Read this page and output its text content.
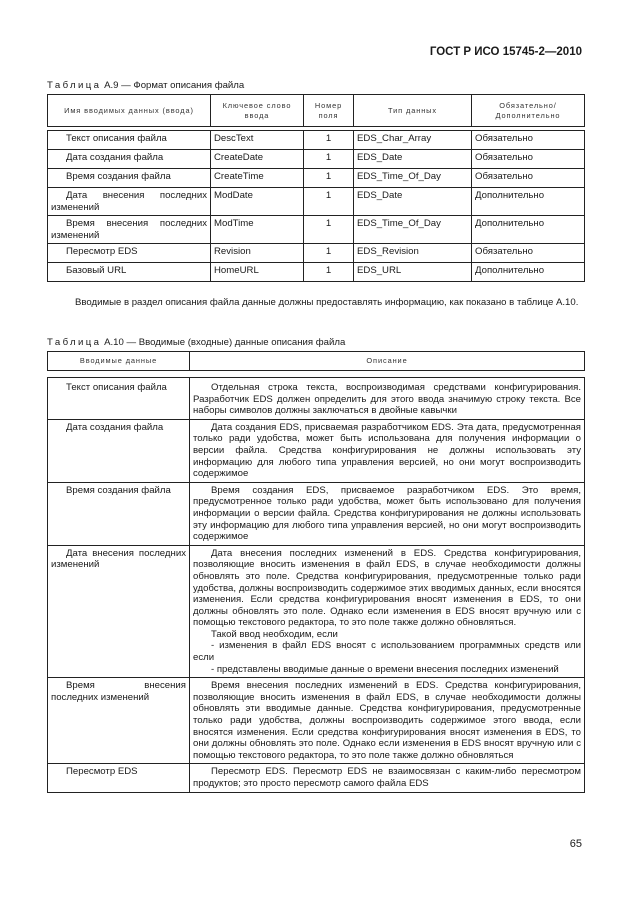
ГОСТ Р ИСО 15745-2—2010
Таблица A.9 — Формат описания файла
Имя вводимых данных (ввода)	Ключевое слово ввода	Номер поля	Тип данных	Обязательно/ Дополнительно

Текст описания файла	DescText	1	EDS_Char_Array	Обязательно
Дата создания файла	CreateDate	1	EDS_Date	Обязательно
Время создания файла	CreateTime	1	EDS_Time_Of_Day	Обязательно
Дата внесения последних изменений	ModDate	1	EDS_Date	Дополнительно
Время внесения последних изменений	ModTime	1	EDS_Time_Of_Day	Дополнительно
Пересмотр EDS	Revision	1	EDS_Revision	Обязательно
Базовый URL	HomeURL	1	EDS_URL	Дополнительно
Вводимые в раздел описания файла данные должны предоставлять информацию, как показано в таблице A.10.
Таблица A.10 — Вводимые (входные) данные описания файла
Вводимые данные	Описание

Текст описания файла	Отдельная строка текста, воспроизводимая средствами конфигурирования. Разработчик EDS должен определить для этого ввода значимую строку текста. Все наборы символов должны заключаться в двойные кавычки

Дата создания файла	Дата создания EDS, присваемая разработчиком EDS. Эта дата, предусмотренная только ради удобства, может быть использована для получения информации о версии файла. Средства конфигурирования не должны использовать эту информацию для любого типа управления версией, но они могут воспроизводить содержимое

Время создания файла	Время создания EDS, присваемое разработчиком EDS. Это время, предусмотренное только ради удобства, может быть использовано для получения информации о версии файла. Средства конфигурирования не должны использовать эту информацию для любого типа управления версией, но они могут воспроизводить содержимое

Дата внесения последних изменений	Дата внесения последних изменений в EDS. Средства конфигурирования, позволяющие вносить изменения в файл EDS, в случае необходимости должны обновлять это поле. Средства конфигурирования, предусмотренные только ради удобства, должны воспроизводить содержимое этих вводимых данных, если вносятся изменения. Если средства конфигурирования вносят изменения в EDS, то они должны обновлять это поле. Однако если изменения в EDS вносят вручную или с помощью текстового редактора, то это поле также должно обновляться.

Такой ввод необходим, если

- изменения в файл EDS вносят с использованием программных средств или если

- представлены вводимые данные о времени внесения последних изменений

Время внесения последних изменений	Время внесения последних изменений в EDS. Средства конфигурирования, позволяющие вносить изменения в файл EDS, в случае необходимости должны обновлять эти вводимые данные. Средства конфигурирования, предусмотренные только ради удобства, должны воспроизводить содержимое этого ввода, если вносятся изменения. Если средства конфигурирования вносят изменения в EDS, то они должны обновлять это поле. Однако если изменения в EDS вносят вручную или с помощью текстового редактора, то это поле также должно обновляться

Пересмотр EDS	Пересмотр EDS. Пересмотр EDS не взаимосвязан с каким-либо пересмотром продуктов; это просто пересмотр самого файла EDS

65
